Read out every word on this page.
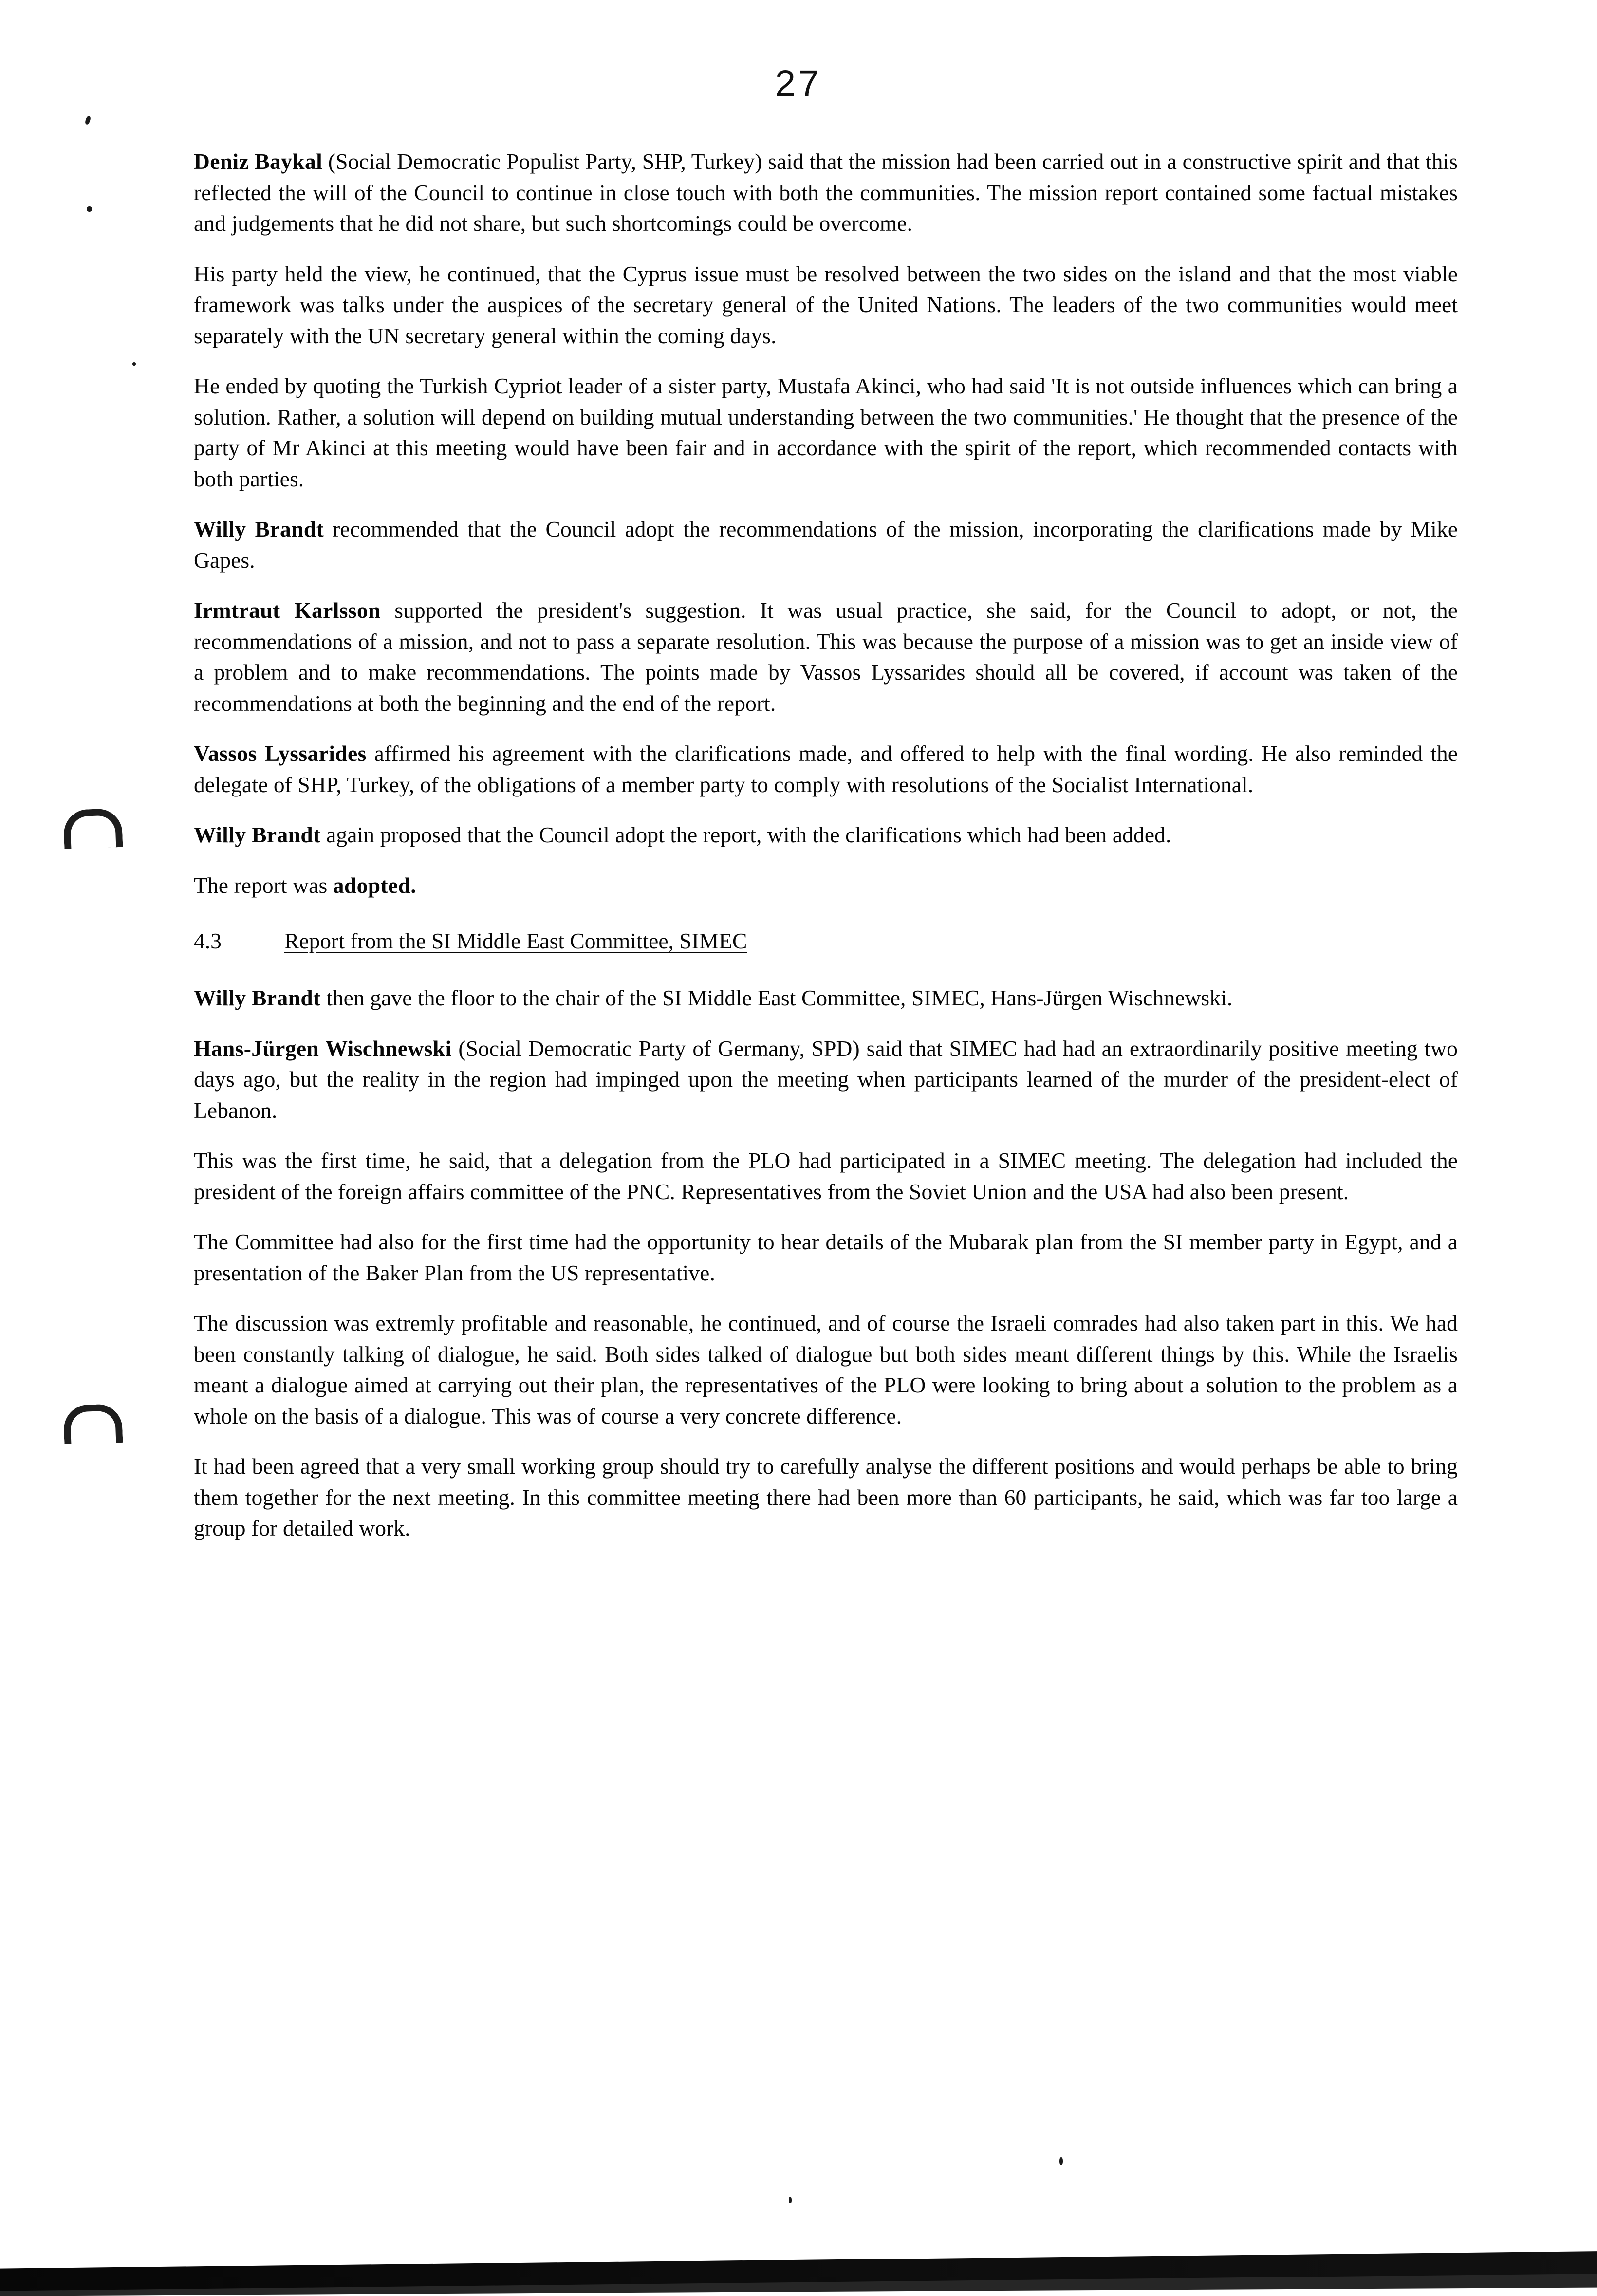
27

Deniz Baykal (Social Democratic Populist Party, SHP, Turkey) said that the mission had been carried out in a constructive spirit and that this reflected the will of the Council to continue in close touch with both the communities. The mission report contained some factual mistakes and judgements that he did not share, but such shortcomings could be overcome.

His party held the view, he continued, that the Cyprus issue must be resolved between the two sides on the island and that the most viable framework was talks under the auspices of the secretary general of the United Nations. The leaders of the two communities would meet separately with the UN secretary general within the coming days.

He ended by quoting the Turkish Cypriot leader of a sister party, Mustafa Akinci, who had said 'It is not outside influences which can bring a solution. Rather, a solution will depend on building mutual understanding between the two communities.' He thought that the presence of the party of Mr Akinci at this meeting would have been fair and in accordance with the spirit of the report, which recommended contacts with both parties.

Willy Brandt recommended that the Council adopt the recommendations of the mission, incorporating the clarifications made by Mike Gapes.

Irmtraut Karlsson supported the president's suggestion. It was usual practice, she said, for the Council to adopt, or not, the recommendations of a mission, and not to pass a separate resolution. This was because the purpose of a mission was to get an inside view of a problem and to make recommendations. The points made by Vassos Lyssarides should all be covered, if account was taken of the recommendations at both the beginning and the end of the report.

Vassos Lyssarides affirmed his agreement with the clarifications made, and offered to help with the final wording. He also reminded the delegate of SHP, Turkey, of the obligations of a member party to comply with resolutions of the Socialist International.

Willy Brandt again proposed that the Council adopt the report, with the clarifications which had been added.

The report was adopted.

4.3	Report from the SI Middle East Committee, SIMEC

Willy Brandt then gave the floor to the chair of the SI Middle East Committee, SIMEC, Hans-Jürgen Wischnewski.

Hans-Jürgen Wischnewski (Social Democratic Party of Germany, SPD) said that SIMEC had had an extraordinarily positive meeting two days ago, but the reality in the region had impinged upon the meeting when participants learned of the murder of the president-elect of Lebanon.

This was the first time, he said, that a delegation from the PLO had participated in a SIMEC meeting. The delegation had included the president of the foreign affairs committee of the PNC. Representatives from the Soviet Union and the USA had also been present.

The Committee had also for the first time had the opportunity to hear details of the Mubarak plan from the SI member party in Egypt, and a presentation of the Baker Plan from the US representative.

The discussion was extremly profitable and reasonable, he continued, and of course the Israeli comrades had also taken part in this. We had been constantly talking of dialogue, he said. Both sides talked of dialogue but both sides meant different things by this. While the Israelis meant a dialogue aimed at carrying out their plan, the representatives of the PLO were looking to bring about a solution to the problem as a whole on the basis of a dialogue. This was of course a very concrete difference.

It had been agreed that a very small working group should try to carefully analyse the different positions and would perhaps be able to bring them together for the next meeting. In this committee meeting there had been more than 60 participants, he said, which was far too large a group for detailed work.
